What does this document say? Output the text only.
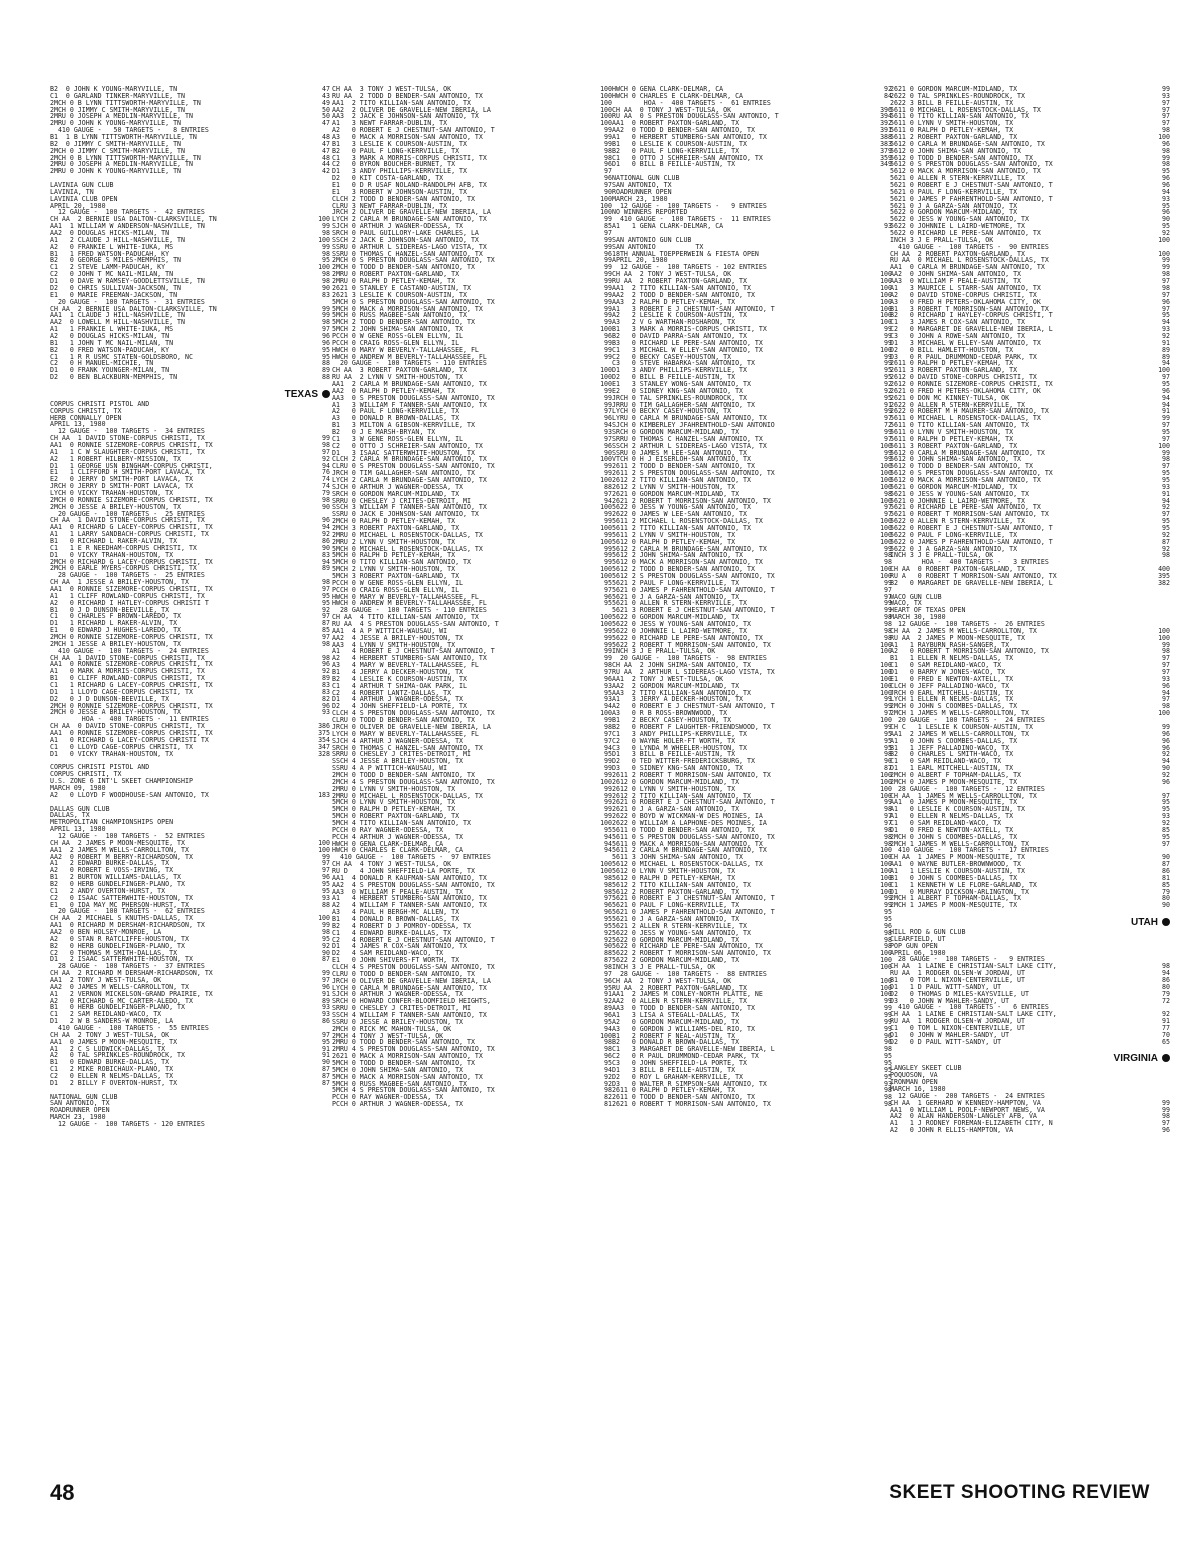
B2  0 JOHN K YOUNG-MARYVILLE, TN	47
C1  0 GARLAND TINKER-MARYVILLE, TN	43
2MCH 0 B LYNN TITTSWORTH-MARYVILLE, TN	49
2MCH 0 JIMMY C SMITH-MARYVILLE, TN	50
2MRU 0 JOSEPH A MEDLIN-MARYVILLE, TN	50
2MRU 0 JOHN K YOUNG-MARYVILLE, TN	47
410 GAUGE -   50 TARGETS -   8 ENTRIES
B1  1 B LYNN TITTSWORTH-MARYVILLE, TN	48
B2  0 JIMMY C SMITH-MARYVILLE, TN	47
2MCH 0 JIMMY C SMITH-MARYVILLE, TN	47
2MCH 0 B LYNN TITTSWORTH-MARYVILLE, TN	48
2MRU 0 JOSEPH A MEDLIN-MARYVILLE, TN	44
2MRU 0 JOHN K YOUNG-MARYVILLE, TN	42
LAVINIA GUN CLUB
LAVINIA, TN
LAVINIA CLUB OPEN
APRIL 20, 1980
12 GAUGE -  100 TARGETS -  42 ENTRIES
CH AA  2 BERNIE USA DALTON-CLARKSVILLE, TN	100
AA1  1 WILLIAM W ANDERSON-NASHVILLE, TN	99
AA2  0 DOUGLAS HICKS-MILAN, TN	98
A1   2 CLAUDE J HILL-NASHVILLE, TN	100
A2   0 FRANKIE L WHITE-IUKA, MS	99
B1   1 FRED WATSON-PADUCAH, KY	98
B2   0 GEORGE S MILES-MEMPHIS, TN	95
C1   2 STEVE LAMM-PADUCAH, KY	100
C2   0 JOHN T MC NAIL-MILAN, TN	98
D1   0 DAVE W RAMSEY-GOODLETTSVILLE, TN	98
D2   0 CHRIS SULLIVAN-JACKSON, TN	90
E1   0 MARIE FREEMAN-JACKSON, TN	83
20 GAUGE -  100 TARGETS -  31 ENTRIES
CH AA  2 BERNIE USA DALTON-CLARKSVILLE, TN	99
AA1  1 CLAUDE J HILL-NASHVILLE, TN	99
AA2  0 LOWELL M HILL-NASHVILLE, TN	98
A1   1 FRANKIE L WHITE-IUKA, MS	97
A2   0 DOUGLAS HICKS-MILAN, TN	96
B1   1 JOHN T MC NAIL-MILAN, TN	96
B2   0 FRED WATSON-PADUCAH, KY	95
C1   1 R R USMC STATEN-GOLDSBORO, NC	95
C2   0 H MANUEL-MICHIE, TN	88
D1   0 FRANK YOUNGER-MILAN, TN	89
D2   0 BEN BLACKBURN-MEMPHIS, TN	88
TEXAS
CORPUS CHRISTI PISTOL AND
CORPUS CHRISTI, TX
HERB CONNALLY OPEN
APRIL 13, 1980
12 GAUGE -  100 TARGETS -  34 ENTRIES
CH AA  1 DAVID STONE-CORPUS CHRISTI, TX	99
AA1  0 RONNIE SIZEMORE-CORPUS CHRISTI, TX	98
A1   1 C W SLAUGHTER-CORPUS CHRISTI, TX	97
A2   1 ROBERT HILBERY-MISSION, TX	92
D1   1 GEORGE USN BINGHAM-CORPUS CHRISTI,	94
E1   1 CLIFFORD H SMITH-PORT LAVACA, TX	76
E2   0 JERRY D SMITH-PORT LAVACA, TX	74
JRCH 0 JERRY D SMITH-PORT LAVACA, TX	74
LYCH 0 VICKY TRAHAN-HOUSTON, TX	79
2MCH 0 RONNIE SIZEMORE-CORPUS CHRISTI, TX	98
2MCH 0 JESSE A BRILEY-HOUSTON, TX	90
20 GAUGE -  100 TARGETS -  25 ENTRIES
CH AA  1 DAVID STONE-CORPUS CHRISTI, TX	96
AA1  0 RICHARD G LACEY-CORPUS CHRISTI, TX	94
A1   1 LARRY SANDBACH-CORPUS CHRISTI, TX	92
B1   0 RICHARD L RAKER-ALVIN, TX	86
C1   1 E R NEEDHAM-CORPUS CHRISTI, TX	90
D1   0 VICKY TRAHAN-HOUSTON, TX	83
2MCH 0 RICHARD G LACEY-CORPUS CHRISTI, TX	94
2MCH 0 EARLE MYERS-CORPUS CHRISTI, TX	89
28 GAUGE -  100 TARGETS -  25 ENTRIES
CH AA  1 JESSE A BRILEY-HOUSTON, TX	98
AA1  0 RONNIE SIZEMORE-CORPUS CHRISTI, TX	97
A1   1 CLIFF ROWLAND-CORPUS CHRISTI, TX	95
A2   0 RICHARD I HATLEY-CORPUS CHRISTI T	95
B1   0 J D DUNSON-BEEVILLE, TX	92
C1   0 CHARLES F BROWN-LAREDO, TX	97
D1   1 RICHARD L RAKER-ALVIN, TX	87
E1   0 EDWARD J HUGHES-LAREDO, TX	85
2MCH 0 RONNIE SIZEMORE-CORPUS CHRISTI, TX	97
2MCH 1 JESSE A BRILEY-HOUSTON, TX	98
410 GAUGE -  100 TARGETS -  24 ENTRIES
CH AA  1 DAVID STONE-CORPUS CHRISTI, TX	98
AA1  0 RONNIE SIZEMORE-CORPUS CHRISTI, TX	96
A1   0 MARK A MORRIS-CORPUS CHRISTI, TX	92
B1   0 CLIFF ROWLAND-CORPUS CHRISTI, TX	89
C1   1 RICHARD G LACEY-CORPUS CHRISTI, TX	83
D1   1 LLOYD CAGE-CORPUS CHRISTI, TX	83
D2   0 J D DUNSON-BEEVILLE, TX	82
2MCH 0 RONNIE SIZEMORE-CORPUS CHRISTI, TX	96
2MCH 0 JESSE A BRILEY-HOUSTON, TX	93
HOA -  400 TARGETS -  11 ENTRIES
CH AA  0 DAVID STONE-CORPUS CHRISTI, TX	386
AA1  0 RONNIE SIZEMORE-CORPUS CHRISTI, TX	375
A1   0 RICHARD G LACEY-CORPUS CHRISTI TX	354
C1   0 LLOYD CAGE-CORPUS CHRISTI, TX	347
D1   0 VICKY TRAHAN-HOUSTON, TX	328
CORPUS CHRISTI PISTOL AND
CORPUS CHRISTI, TX
U.S. ZONE 6 INT'L SKEET CHAMPIONSHIP
MARCH 09, 1980
A2   0 LLOYD F WOODHOUSE-SAN ANTONIO, TX	183
DALLAS GUN CLUB
DALLAS, TX
METROPOLITAN CHAMPIONSHIPS OPEN
APRIL 13, 1980
12 GAUGE -  100 TARGETS -  52 ENTRIES
CH AA  2 JAMES P MOON-MESQUITE, TX	100
AA1  2 JAMES M WELLS-CARROLLTON, TX	100
AA2  0 ROBERT M BERRY-RICHARDSON, TX	99
A1   2 EDWARD BURKE-DALLAS, TX	97
A2   0 ROBERT E VOSS-IRVING, TX	97
B1   2 BURTON WILLIAMS-DALLAS, TX	96
B2   0 HERB GUNDELFINGER-PLANO, TX	95
C1   2 ANDY OVERTON-HURST, TX	95
C2   0 ISAAC SATTERWHITE-HOUSTON, TX	93
E1   0 IDA MAY MC PHERSON-HURST, TX	88
20 GAUGE -  100 TARGETS -  62 ENTRIES
CH AA  2 MICHAEL S KNUTHS-DALLAS, TX	100
AA1  0 RICHARD M DERSHAM-RICHARDSON, TX	99
AA2  0 BEN HOLSEY-MONROE, LA	98
A2   0 STAN R RATCLIFFE-HOUSTON, TX	95
B2   0 HERB GUNDELFINGER-PLANO, TX	92
C2   0 THOMAS M SMITH-DALLAS, TX	90
D1   2 ISAAC SATTERWHITE-HOUSTON, TX	87
28 GAUGE -  100 TARGETS -  37 ENTRIES
CH AA  2 RICHARD M DERSHAM-RICHARDSON, TX	99
AA1  2 TONY J WEST-TULSA, OK	97
AA2  0 JAMES M WELLS-CARROLLTON, TX	96
A1   2 VERNON MICKELSON-GRAND PRAIRIE, TX	91
A2   0 RICHARD G MC CARTER-ALEDO, TX	89
B1   0 HERB GUNDELFINGER-PLANO, TX	93
C1   2 SAM REIDLAND-WACO, TX	93
D1   2 W B SANDERS-W MONROE, LA	86
410 GAUGE -  100 TARGETS -  55 ENTRIES
CH AA  2 TONY J WEST-TULSA, OK	97
AA1  0 JAMES P MOON-MESQUITE, TX	95
A1   2 C S LUDWICK-DALLAS, TX	91
A2   0 TAL SPRINKLES-ROUNDROCK, TX	91
B1   0 EDWARD BURKE-DALLAS, TX	90
C1   2 MIKE ROBICHAUX-PLANO, TX	87
C2   0 ELLEN R NELMS-DALLAS, TX	87
D1   2 BILLY F OVERTON-HURST, TX	87
NATIONAL GUN CLUB
SAN ANTONIO, TX
ROADRUNNER OPEN
MARCH 23, 1980
12 GAUGE -  100 TARGETS - 120 ENTRIES
CH AA  3 TONY J WEST-TULSA, OK	100
RU AA  2 TODD D BENDER-SAN ANTONIO, TX	100
AA1  2 TITO KILLIAN-SAN ANTONIO, TX	100
AA2  2 OLIVER DE GRAVELLE-NEW IBERIA, LA	100
AA3  2 JACK E JOHNSON-SAN ANTONIO, TX	100
A1   3 NEWT FARRAR-DUBLIN, TX	100
A2   0 ROBERT E J CHESTNUT-SAN ANTONIO, T	99
A3   0 MACK A MORRISON-SAN ANTONIO, TX	99
B1   3 LESLIE K COURSON-AUSTIN, TX	99
B2   0 PAUL F LONG-KERRVILLE, TX	98
C1   3 MARK A MORRIS-CORPUS CHRISTI, TX	98
C2   0 BYRON BOUCHER-BURNET, TX	96
D1   3 ANDY PHILLIPS-KERRVILLE, TX	97
D2   0 KIT COSTA-GARLAND, TX	96
E1   0 D R USAF NOLAND-RANDOLPH AFB, TX	97
E1   3 ROBERT W JOHNSON-AUSTIN, TX	90
CLCH 2 TODD D BENDER-SAN ANTONIO, TX	100
CLRU 3 NEWT FARRAR-DUBLIN, TX	100
JRCH 2 OLIVER DE GRAVELLE-NEW IBERIA, LA	100
LYCH 2 CARLA M BRUNDAGE-SAN ANTONIO, TX	99
SJCH 0 ARTHUR J WAGNER-ODESSA, TX	85
SRCH 0 PAUL GUILLORY-LAKE CHARLES, LA	97
SSCH 2 JACK E JOHNSON-SAN ANTONIO, TX	99
SSRU 0 ARTHUR L SIDEREAS-LAGO VISTA, TX	99
SSRU 0 THOMAS C HANZEL-SAN ANTONIO, TX	96
2MCH 0 S PRESTON DOUGLASS-SAN ANTONIO, TX	99
2MCH 0 TODD D BENDER-SAN ANTONIO, TX	99
2MRU 0 ROBERT PAXTON-GARLAND, TX	99
2MRU 0 RALPH D PETLEY-KEMAH, TX	99
2621 0 STANLEY E CASTANO-AUSTIN, TX	99
2621 3 LESLIE K COURSON-AUSTIN, TX	99
5MCH 0 S PRESTON DOUGLASS-SAN ANTONIO, TX	99
5MCH 0 MACK A MORRISON-SAN ANTONIO, TX	99
5MCH 0 RUSS MAGBEE-SAN ANTONIO, TX	99
5MCH 2 TODD D BENDER-SAN ANTONIO, TX	99
5MCH 2 JOHN SHIMA-SAN ANTONIO, TX	100
PCCH 0 W GENE ROSS-GLEN ELLYN, IL	96
PCCH 0 CRAIG ROSS-GLEN ELLYN, IL	99
HWCH 0 MARY W BEVERLY-TALLAHASSEE, FL	99
HWCH 0 ANDREW M BEVERLY-TALLAHASSEE, FL	99
20 GAUGE -  100 TARGETS - 110 ENTRIES
CH AA  3 ROBERT PAXTON-GARLAND, TX	100
RU AA  2 LYNN V SMITH-HOUSTON, TX	100
AA1  2 CARLA M BRUNDAGE-SAN ANTONIO, TX	100
AA2  0 RALPH D PETLEY-KEMAH, TX	99
AA3  0 S PRESTON DOUGLASS-SAN ANTONIO, TX	99
A1   3 WILLIAM F TANNER-SAN ANTONIO, TX	99
A2   0 PAUL F LONG-KERRVILLE, TX	97
A3   0 DONALD R BROWN-DALLAS, TX	96
B1   3 MILTON A GIBSON-KERRVILLE, TX	94
B2   0 J E MARSH-BRYAN, TX	93
C1   3 W GENE ROSS-GLEN ELLYN, IL	97
C2   0 OTTO J SCHREIER-SAN ANTONIO, TX	96
D1   3 ISAAC SATTERWHITE-HOUSTON, TX	90
CLCH 2 CARLA M BRUNDAGE-SAN ANTONIO, TX	100
CLRU 0 S PRESTON DOUGLASS-SAN ANTONIO, TX	99
JRCH 0 TIM GALLAGHER-SAN ANTONIO, TX	99
LYCH 2 CARLA M BRUNDAGE-SAN ANTONIO, TX	100
SJCH 0 ARTHUR J WAGNER-ODESSA, TX	88
SRCH 0 GORDON MARCUM-MIDLAND, TX	97
SRRU 0 CHESLEY J CRITES-DETROIT, MI	94
SSCH 3 WILLIAM F TANNER-SAN ANTONIO, TX	100
SSRU 0 JACK E JOHNSON-SAN ANTONIO, TX	99
2MCH 0 RALPH D PETLEY-KEMAH, TX	99
2MCH 3 ROBERT PAXTON-GARLAND, TX	100
2MRU 0 MICHAEL L ROSENSTOCK-DALLAS, TX	99
2MRU 2 LYNN V SMITH-HOUSTON, TX	100
5MCH 0 MICHAEL L ROSENSTOCK-DALLAS, TX	99
5MCH 0 RALPH D PETLEY-KEMAH, TX	99
5MCH 0 TITO KILLIAN-SAN ANTONIO, TX	99
5MCH 2 LYNN V SMITH-HOUSTON, TX	100
5MCH 3 ROBERT PAXTON-GARLAND, TX	100
PCCH 0 W GENE ROSS-GLEN ELLYN, IL	95
PCCH 0 CRAIG ROSS-GLEN ELLYN, IL	97
HWCH 0 MARY W BEVERLY-TALLAHASSEE, FL	96
HWCH 0 ANDREW M BEVERLY-TALLAHASSEE, FL	95
28 GAUGE -  100 TARGETS - 110 ENTRIES
CH AA  4 TITO KILLIAN-SAN ANTONIO, TX	100
RU AA  4 S PRESTON DOUGLASS-SAN ANTONIO, T	100
AA1  4 A P WITTICH-WAUSAU, WI	99
AA2  4 JESSE A BRILEY-HOUSTON, TX	99
AA3  4 LYNN V SMITH-HOUSTON, TX	99
A1   4 ROBERT E J CHESTNUT-SAN ANTONIO, T	99
A2   4 HERBERT STUMBERG-SAN ANTONIO, TX	99
A3   4 MARY W BEVERLY-TALLAHASSEE, FL	98
B1   4 JERRY A DECKER-HOUSTON, TX	97
B2   4 LESLIE K COURSON-AUSTIN, TX	96
C1   4 ARTHUR T SHIMA-OAK PARK, IL	93
C2   4 ROBERT LANTZ-DALLAS, TX	95
D1   4 ARTHUR J WAGNER-ODESSA, TX	93
D2   4 JOHN SHEFFIELD-LA PORTE, TX	94
CLCH 4 S PRESTON DOUGLASS-SAN ANTONIO, TX	100
CLRU 0 TODD D BENDER-SAN ANTONIO, TX	99
JRCH 0 OLIVER DE GRAVELLE-NEW IBERIA, LA	98
LYCH 0 MARY W BEVERLY-TALLAHASSEE, FL	97
SJCH 4 ARTHUR J WAGNER-ODESSA, TX	97
SRCH 0 THOMAS C HANZEL-SAN ANTONIO, TX	94
SRRU 0 CHESLEY J CRITES-DETROIT, MI	95
SSCH 4 JESSE A BRILEY-HOUSTON, TX	99
SSRU 4 A P WITTICH-WAUSAU, WI	99
2MCH 0 TODD D BENDER-SAN ANTONIO, TX	99
2MCH 4 S PRESTON DOUGLASS-SAN ANTONIO, TX	100
2MRU 0 LYNN V SMITH-HOUSTON, TX	99
2MRU 0 MICHAEL L ROSENSTOCK-DALLAS, TX	99
5MCH 0 LYNN V SMITH-HOUSTON, TX	99
5MCH 0 RALPH D PETLEY-KEMAH, TX	99
5MCH 0 ROBERT PAXTON-GARLAND, TX	99
5MCH 4 TITO KILLIAN-SAN ANTONIO, TX	100
PCCH 0 RAY WAGNER-ODESSA, TX	95
PCCH 4 ARTHUR J WAGNER-ODESSA, TX	94
HWCH 0 GENA CLARK-DELMAR, CA	94
HWCH 0 CHARLES E CLARK-DELMAR, CA	94
410 GAUGE -  100 TARGETS -  97 ENTRIES
CH AA  4 TONY J WEST-TULSA, OK	100
RU D   4 JOHN SHEFFIELD-LA PORTE, TX	100
AA1  4 DONALD R KAUFMAN-SAN ANTONIO, TX	98
AA2  4 S PRESTON DOUGLASS-SAN ANTONIO, TX	98
AA3  0 WILLIAM F PEALE-AUSTIN, TX	98
A1   4 HERBERT STUMBERG-SAN ANTONIO, TX	97
A2   4 WILLIAM F TANNER-SAN ANTONIO, TX	96
A3   4 PAUL H BERGH-MC ALLEN, TX	96
B1   4 DONALD R BROWN-DALLAS, TX	95
B2   4 ROBERT D J POMROY-ODESSA, TX	95
C1   4 EDWARD BURKE-DALLAS, TX	92
C2   4 ROBERT E J CHESTNUT-SAN ANTONIO, T	92
D1   4 JAMES R COX-SAN ANTONIO, TX	90
D2   4 SAM REIDLAND-WACO, TX	88
E1   0 JOHN SHIVERS-FT WORTH, TX	87
CLCH 4 S PRESTON DOUGLASS-SAN ANTONIO, TX	98
CLRU 0 TODD D BENDER-SAN ANTONIO, TX	97
JRCH 0 OLIVER DE GRAVELLE-NEW IBERIA, LA	96
LYCH 0 CARLA M BRUNDAGE-SAN ANTONIO, TX	95
SJCH 0 ARTHUR J WAGNER-ODESSA, TX	91
SRCH 0 HOWARD CONFER-BLOOMFIELD HEIGHTS,	92
SRRU 0 CHESLEY J CRITES-DETROIT, MI	89
SSCH 4 WILLIAM F TANNER-SAN ANTONIO, TX	96
SSRU 0 JESSE A BRILEY-HOUSTON, TX	95
2MCH 0 RICK MC MAHON-TULSA, OK	94
2MCH 4 TONY J WEST-TULSA, OK	100
2MRU 0 TODD D BENDER-SAN ANTONIO, TX	98
2MRU 4 S PRESTON DOUGLASS-SAN ANTONIO, TX	98
2621 0 MACK A MORRISON-SAN ANTONIO, TX	96
5MCH 0 TODD D BENDER-SAN ANTONIO, TX	95
5MCH 0 JOHN SHIMA-SAN ANTONIO, TX	94
5MCH 0 MACK A MORRISON-SAN ANTONIO, TX	92
5MCH 0 RUSS MAGBEE-SAN ANTONIO, TX	92
5MCH 4 S PRESTON DOUGLASS-SAN ANTONIO, TX	98
PCCH 0 RAY WAGNER-ODESSA, TX	82
PCCH 0 ARTHUR J WAGNER-ODESSA, TX	81
HWCH 0 GENA CLARK-DELMAR, CA	92
HWCH 0 CHARLES E CLARK-DELMAR, CA	84
HOA -  400 TARGETS -  61 ENTRIES
CH AA  0 TONY J WEST-TULSA, OK	396
RU AA  0 S PRESTON DOUGLASS-SAN ANTONIO, T	394
AA1  0 ROBERT PAXTON-GARLAND, TX	392
AA2  0 TODD D BENDER-SAN ANTONIO, TX	391
A1   0 HERBERT STUMBERG-SAN ANTONIO, TX	388
B1   0 LESLIE K COURSON-AUSTIN, TX	383
B2   0 PAUL F LONG-KERRVILLE, TX	379
C1   0 OTTO J SCHREIER-SAN ANTONIO, TX	359
D1   0 BILL B FEILLE-AUSTIN, TX	349
NATIONAL GUN CLUB
SAN ANTONIO, TX
ROADRUNNER OPEN
MARCH 23, 1980
12 GAUGE -  100 TARGETS -   9 ENTRIES
NO WINNERS REPORTED
410 GAUGE -  100 TARGETS -  11 ENTRIES
A1   1 GENA CLARK-DELMAR, CA	93
SAN ANTONIO GUN CLUB
SAN ANTONIO          TX
18TH ANNUAL TOEPPERWEIN & FIESTA OPEN
APRIL 20, 1980
12 GAUGE -  100 TARGETS - 102 ENTRIES
CH AA  2 TONY J WEST-TULSA, OK	100
RU AA  2 ROBERT PAXTON-GARLAND, TX	100
AA1  2 TITO KILLIAN-SAN ANTONIO, TX	100
AA2  2 TODD D BENDER-SAN ANTONIO, TX	100
AA3  2 RALPH D PETLEY-KEMAH, TX	100
A1   3 ROBERT E J CHESTNUT-SAN ANTONIO, T	100
A2   2 LESLIE K COURSON-AUSTIN, TX	100
A3   2 V G WARTHAN-ROSHARON, TX	100
B1   3 MARK A MORRIS-CORPUS CHRISTI, TX	99
B2   0 DAVID PARRA-SAN ANTONIO, TX	99
B3   0 RICHARD LE PERE-SAN ANTONIO, TX	99
C1   3 MICHAEL W ELLEY-SAN ANTONIO, TX	100
C2   0 BECKY CASEY-HOUSTON, TX	99
C3   0 STEVE HABARKA-SAN ANTONIO, TX	99
D1   3 ANDY PHILLIPS-KERRVILLE, TX	95
D2   0 BILL B FEILLE-AUSTIN, TX	95
E1   3 STANLEY WONG-SAN ANTONIO, TX	92
E2   0 SIDNEY KNG-SAN ANTONIO, TX	92
JRCH 0 TAL SPRINKLES-ROUNDROCK, TX	95
JRRU 0 TIM GALLAGHER-SAN ANTONIO, TX	91
LYCH 0 BECKY CASEY-HOUSTON, TX	99
LYRU 0 CARLA M BRUNDAGE-SAN ANTONIO, TX	97
SJCH 0 KIMBERLEY JFAHRENTHOLD-SAN ANTONIO	72
SRCH 0 GORDON MARCUM-MIDLAND, TX	99
SRRU 0 THOMAS C HANZEL-SAN ANTONIO, TX	97
SSCH 2 ARTHUR L SIDEREAS-LAGO VISTA, TX	100
SSRU 0 JAMES M LEE-SAN ANTONIO, TX	99
VTCH 0 H J EISERLOH-SAN ANTONIO, TX	99
2611 2 TODD D BENDER-SAN ANTONIO, TX	100
2611 2 S PRESTON DOUGLASS-SAN ANTONIO, TX	100
2612 2 TITO KILLIAN-SAN ANTONIO, TX	100
2612 2 LYNN V SMITH-HOUSTON, TX	100
2621 0 GORDON MARCUM-MIDLAND, TX	98
2621 2 ROBERT T MORRISON-SAN ANTONIO, TX	100
5622 0 JESS W YOUNG-SAN ANTONIO, TX	97
2622 0 JAMES W LEE-SAN ANTONIO, TX	97
5611 2 MICHAEL L ROSENSTOCK-DALLAS, TX	100
5611 2 TITO KILLIAN-SAN ANTONIO, TX	100
5611 2 LYNN V SMITH-HOUSTON, TX	100
5612 0 RALPH D PETLEY-KEMAH, TX	100
5612 2 CARLA M BRUNDAGE-SAN ANTONIO, TX	99
5612 2 JOHN SHIMA-SAN ANTONIO, TX	98
5612 0 MACK A MORRISON-SAN ANTONIO, TX	98
5612 2 TODD D BENDER-SAN ANTONIO, TX	100
5612 2 S PRESTON DOUGLASS-SAN ANTONIO, TX	100
5621 2 PAUL F LONG-KERRVILLE, TX	99
5621 0 JAMES P FAHRENTHOLD-SAN ANTONIO, T	97
5621 0 J A GARZA-SAN ANTONIO, TX	97
5621 0 ALLEN R STERN-KERRVILLE, TX	99
5621 3 ROBERT E J CHESTNUT-SAN ANTONIO, T	99
5622 0 GORDON MARCUM-MIDLAND, TX	98
5622 0 JESS W YOUNG-SAN ANTONIO, TX	98
5622 0 JOHNNIE L LAIRD-WETMORE, TX	98
5622 0 RICHARD LE PERE-SAN ANTONIO, TX	98
5622 2 ROBERT T MORRISON-SAN ANTONIO, TX	100
INCH 3 J E PRALL-TULSA, OK	100
20 GAUGE -  100 TARGETS -  98 ENTRIES
CH AA  2 JOHN SHIMA-SAN ANTONIO, TX	100
RU AA  2 ARTHUR L SIDEREAS-LAGO VISTA, TX	100
AA1  2 TONY J WEST-TULSA, OK	100
AA2  2 GORDON MARCUM-MIDLAND, TX	100
AA3  2 TITO KILLIAN-SAN ANTONIO, TX	100
A1   3 JERRY A DECKER-HOUSTON, TX	99
A2   0 ROBERT E J CHESTNUT-SAN ANTONIO, T	99
A3   0 R B ROSS-BROWNWOOD, TX	97
B1   2 BECKY CASEY-HOUSTON, TX	100
B2   0 ROBERT F LAUGHTER-FRIENDSWOOD, TX	99
C1   3 ANDY PHILLIPS-KERRVILLE, TX	95
C2   0 WAYNE HOLER-FT WORTH, TX	95
C3   0 LYNDA M WHEELER-HOUSTON, TX	95
D1   3 BILL B FEILLE-AUSTIN, TX	98
D2   0 TED WITTER-FREDERICKSBURG, TX	90
D3   0 SIDNEY KNG-SAN ANTONIO, TX	87
2611 2 ROBERT T MORRISON-SAN ANTONIO, TX	100
2612 0 GORDON MARCUM-MIDLAND, TX	100
2612 0 LYNN V SMITH-HOUSTON, TX	100
2612 2 TITO KILLIAN-SAN ANTONIO, TX	100
2621 0 ROBERT E J CHESTNUT-SAN ANTONIO, T	99
2621 0 J A GARZA-SAN ANTONIO, TX	98
2622 0 BOYD W WICKMAN-W DES MOINES, IA	97
2622 0 WILLIAM A LAPHONE-DES MOINES, IA	97
5611 0 TODD D BENDER-SAN ANTONIO, TX	98
5611 0 S PRESTON DOUGLASS-SAN ANTONIO, TX	98
5611 0 MACK A MORRISON-SAN ANTONIO, TX	98
5611 2 CARLA M BRUNDAGE-SAN ANTONIO, TX	100
5611 3 JOHN SHIMA-SAN ANTONIO, TX	100
5612 0 MICHAEL L ROSENSTOCK-DALLAS, TX	100
5612 0 LYNN V SMITH-HOUSTON, TX	100
5612 0 RALPH D PETLEY-KEMAH, TX	100
5612 2 TITO KILLIAN-SAN ANTONIO, TX	100
5612 2 ROBERT PAXTON-GARLAND, TX	100
5621 0 ROBERT E J CHESTNUT-SAN ANTONIO, T	99
5621 0 PAUL F LONG-KERRVILLE, TX	99
5621 0 JAMES P FAHRENTHOLD-SAN ANTONIO, T	95
5621 0 J A GARZA-SAN ANTONIO, TX	95
5621 2 ALLEN R STERN-KERRVILLE, TX	96
5622 0 JESS W YOUNG-SAN ANTONIO, TX	98
5622 0 GORDON MARCUM-MIDLAND, TX	98
5622 0 RICHARD LE PERE-SAN ANTONIO, TX	98
5622 2 ROBERT T MORRISON-SAN ANTONIO, TX	100
5622 2 GORDON MARCUM-MIDLAND, TX	100
INCH 3 J E PRALL-TULSA, OK	100
28 GAUGE -  100 TARGETS -  88 ENTRIES
CH AA  2 TONY J WEST-TULSA, OK	100
RU AA  2 ROBERT PAXTON-GARLAND, TX	100
AA1  2 JAMES M CONLEY-NORTH PLATTE, NE	100
AA2  0 ALLEN R STERN-KERRVILLE, TX	99
AA3  0 TODD D BENDER-SAN ANTONIO, TX	99
A1   3 LISA A STEGALL-DALLAS, TX	99
A2   0 GORDON MARCUM-MIDLAND, TX	99
A3   0 GORDON J WILLIAMS-DEL RIO, TX	99
B1   2 ROBERT F NEAL-AUSTIN, TX	96
B2   0 DONALD R BROWN-DALLAS, TX	96
C1   3 MARGARET DE GRAVELLE-NEW IBERIA, L	98
C2   0 R PAUL DRUMMOND-CEDAR PARK, TX	95
C3   0 JOHN SHEFFIELD-LA PORTE, TX	95
D1   3 BILL B FEILLE-AUSTIN, TX	95
D2   0 ROY L GRAHAM-KERRVILLE, TX	95
D3   0 WALTER R SIMPSON-SAN ANTONIO, TX	93
2611 0 RALPH D PETLEY-KEMAH, TX	98
2611 0 TODD D BENDER-SAN ANTONIO, TX	98
2621 0 ROBERT T MORRISON-SAN ANTONIO, TX	98
2621 0 GORDON MARCUM-MIDLAND, TX	99
2622 0 TAL SPRINKLES-ROUNDROCK, TX	93
2622 3 BILL B FEILLE-AUSTIN, TX	97
5611 0 MICHAEL L ROSENSTOCK-DALLAS, TX	97
5611 0 TITO KILLIAN-SAN ANTONIO, TX	97
5611 0 LYNN V SMITH-HOUSTON, TX	97
5611 0 RALPH D PETLEY-KEMAH, TX	98
5611 2 ROBERT PAXTON-GARLAND, TX	100
5612 0 CARLA M BRUNDAGE-SAN ANTONIO, TX	96
5612 0 JOHN SHIMA-SAN ANTONIO, TX	98
5612 0 TODD D BENDER-SAN ANTONIO, TX	99
5612 0 S PRESTON DOUGLASS-SAN ANTONIO, TX	98
5612 0 MACK A MORRISON-SAN ANTONIO, TX	95
5621 0 ALLEN R STERN-KERRVILLE, TX	96
5621 0 ROBERT E J CHESTNUT-SAN ANTONIO, T	96
5621 0 PAUL F LONG-KERRVILLE, TX	94
5621 0 JAMES P FAHRENTHOLD-SAN ANTONIO, T	93
5621 0 J A GARZA-SAN ANTONIO, TX	95
5622 0 GORDON MARCUM-MIDLAND, TX	96
5622 0 JESS W YOUNG-SAN ANTONIO, TX	90
5622 0 JOHNNIE L LAIRD-WETMORE, TX	95
5622 0 RICHARD LE PERE-SAN ANTONIO, TX	92
INCH 3 J E PRALL-TULSA, OK	100
410 GAUGE -  100 TARGETS -  90 ENTRIES
CH AA  2 ROBERT PAXTON-GARLAND, TX	100
RU AA  0 MICHAEL L ROSENSTOCK-DALLAS, TX	99
AA1  0 CARLA M BRUNDAGE-SAN ANTONIO, TX	99
AA2  0 JOHN SHIMA-SAN ANTONIO, TX	98
AA3  0 WILLIAM F PEALE-AUSTIN, TX	97
A1   3 MAURICE L STARR-SAN ANTONIO, TX	98
A2   0 DAVID STONE-CORPUS CHRISTI, TX	97
A3   0 FRED H PETERS-OKLAHOMA CITY, OK	96
B1   3 ROBERT T MORRISON-SAN ANTONIO, TX	97
B2   0 RICHARD I HAYLEY-CORPUS CHRISTI, T	95
C1   3 JAMES R COX-SAN ANTONIO, TX	94
C2   0 MARGARET DE GRAVELLE-NEW IBERIA, L	93
C3   0 JOHN A ROWE-SAN ANTONIO, TX	92
D1   3 MICHAEL W ELLEY-SAN ANTONIO, TX	91
D2   0 BILL HAMLETT-HOUSTON, TX	89
D3   0 R PAUL DRUMMOND-CEDAR PARK, TX	89
2611 0 RALPH D PETLEY-KEMAH, TX	94
2611 3 ROBERT PAXTON-GARLAND, TX	100
2612 0 DAVID STONE-CORPUS CHRISTI, TX	97
2612 0 RONNIE SIZEMORE-CORPUS CHRISTI, TX	95
2621 0 FRED H PETERS-OKLAHOMA CITY, OK	96
2621 0 DON MC KINNEY-TULSA, OK	94
2622 0 ALLEN R STERN-KERRVILLE, TX	94
2622 0 ROBERT M H MAURER-SAN ANTONIO, TX	91
5611 0 MICHAEL L ROSENSTOCK-DALLAS, TX	99
5611 0 TITO KILLIAN-SAN ANTONIO, TX	97
5611 0 LYNN V SMITH-HOUSTON, TX	95
5611 0 RALPH D PETLEY-KEMAH, TX	97
5611 3 ROBERT PAXTON-GARLAND, TX	100
5612 0 CARLA M BRUNDAGE-SAN ANTONIO, TX	99
5612 0 JOHN SHIMA-SAN ANTONIO, TX	98
5612 0 TODD D BENDER-SAN ANTONIO, TX	97
5612 0 S PRESTON DOUGLASS-SAN ANTONIO, TX	95
5612 0 MACK A MORRISON-SAN ANTONIO, TX	95
5621 0 GORDON MARCUM-MIDLAND, TX	93
5621 0 JESS W YOUNG-SAN ANTONIO, TX	91
5621 0 JOHNNIE L LAIRD-WETMORE, TX	94
5621 0 RICHARD LE PERE-SAN ANTONIO, TX	92
5621 0 ROBERT T MORRISON-SAN ANTONIO, TX	97
5622 0 ALLEN R STERN-KERRVILLE, TX	95
5622 0 ROBERT E J CHESTNUT-SAN ANTONIO, T	95
5622 0 PAUL F LONG-KERRVILLE, TX	92
5622 0 JAMES P FAHRENTHOLD-SAN ANTONIO, T	87
5622 0 J A GARZA-SAN ANTONIO, TX	92
INCH 3 J E PRALL-TULSA, OK	98
HOA -  400 TARGETS -   3 ENTRIES
CH AA  0 ROBERT PAXTON-GARLAND, TX	400
RU A   0 ROBERT T MORRISON-SAN ANTONIO, TX	395
B2   0 MARGARET DE GRAVELLE-NEW IBERIA, L	382
WACO GUN CLUB
WACO, TX
HEART OF TEXAS OPEN
MARCH 30, 1980
12 GAUGE -  100 TARGETS -  26 ENTRIES
CH AA  2 JAMES M WELLS-CARROLLTON, TX	100
RU AA  2 JAMES P MOON-MESQUITE, TX	100
A1   1 RAYBURN RASH-SANGER, TX	99
A2   0 ROBERT T MORRISON-SAN ANTONIO, TX	98
B1   1 ELLEN R NELMS-DALLAS, TX	97
C1   0 SAM REIDLAND-WACO, TX	97
D1   0 BARRY W JONES-WACO, TX	97
E1   0 FRED E NEWTON-AXTELL, TX	93
CLCH 0 JEFF PALLADINO-WACO, TX	96
JRCH 0 EARL MITCHELL-AUSTIN, TX	94
LYCH 1 ELLEN R NELMS-DALLAS, TX	97
2MCH 0 JOHN S COOMBES-DALLAS, TX	98
2MCH 1 JAMES M WELLS-CARROLLTON, TX	100
20 GAUGE -  100 TARGETS -  24 ENTRIES
CH C   1 LESLIE K COURSON-AUSTIN, TX	99
AA1  2 JAMES M WELLS-CARROLLTON, TX	96
A1   0 JOHN S COOMBES-DALLAS, TX	96
B1   1 JEFF PALLADINO-WACO, TX	96
B2   0 CHARLES L SMITH-WACO, TX	92
C1   0 SAM REIDLAND-WACO, TX	94
D1   1 EARL MITCHELL-AUSTIN, TX	90
2MCH 0 ALBERT F TOPHAM-DALLAS, TX	92
2MCH 0 JAMES P MOON-MESQUITE, TX	96
28 GAUGE -  100 TARGETS -  12 ENTRIES
CH AA  1 JAMES M WELLS-CARROLLTON, TX	97
AA1  0 JAMES P MOON-MESQUITE, TX	95
A1   0 LESLIE K COURSON-AUSTIN, TX	95
A1   0 ELLEN R NELMS-DALLAS, TX	93
C1   0 SAM REIDLAND-WACO, TX	92
D1   0 FRED E NEWTON-AXTELL, TX	85
2MCH 0 JOHN S COOMBES-DALLAS, TX	95
2MCH 1 JAMES M WELLS-CARROLLTON, TX	97
410 GAUGE -  100 TARGETS -  17 ENTRIES
CH AA  1 JAMES P MOON-MESQUITE, TX	90
AA1  0 WAYNE BUTLER-BROWNWOOD, TX	87
A1   1 LESLIE K COURSON-AUSTIN, TX	86
B1   0 JOHN S COOMBES-DALLAS, TX	81
C1   1 KENNETH W LE FLORE-GARLAND, TX	85
D1   0 MURRAY DICKSON-ARLINGTON, TX	79
2MCH 1 ALBERT F TOPHAM-DALLAS, TX	80
2MCH 1 JAMES P MOON-MESQUITE, TX	90
UTAH
HILL ROD & GUN CLUB
CLEARFIELD, UT
POP GUN OPEN
APRIL 06, 1980
28 GAUGE -  100 TARGETS -   9 ENTRIES
CH AA  1 LAINE E CHRISTIAN-SALT LAKE CITY,	98
RU AA  1 RODGER OLSEN-W JORDAN, UT	94
B1   0 TOM L NIXON-CENTERVILLE, UT	86
D1   1 D PAUL WITT-SANDY, UT	80
D2   0 THOMAS D MILES-KAYSVILLE, UT	79
D3   0 JOHN W MAHLER-SANDY, UT	72
410 GAUGE -  100 TARGETS -   6 ENTRIES
CH AA  1 LAINE E CHRISTIAN-SALT LAKE CITY,	92
RU AA  1 RODGER OLSEN-W JORDAN, UT	91
C1   0 TOM L NIXON-CENTERVILLE, UT	77
D1   0 JOHN W MAHLER-SANDY, UT	70
D2   0 D PAUL WITT-SANDY, UT	65
VIRGINIA
LANGLEY SKEET CLUB
POQUOSON, VA
IRONMAN OPEN
MARCH 16, 1980
12 GAUGE -  200 TARGETS -  24 ENTRIES
CH AA  1 GERHARD W KENNEDY-HAMPTON, VA	99
AA1  0 WILLIAM L POOLF-NEWPORT NEWS, VA	99
AA2  0 ALAN HANDERSON-LANGLEY AFB, VA	98
A1   1 J RODNEY FOREMAN-ELIZABETH CITY, N	97
A2   0 JOHN R ELLIS-HAMPTON, VA	96
48	SKEET SHOOTING REVIEW
